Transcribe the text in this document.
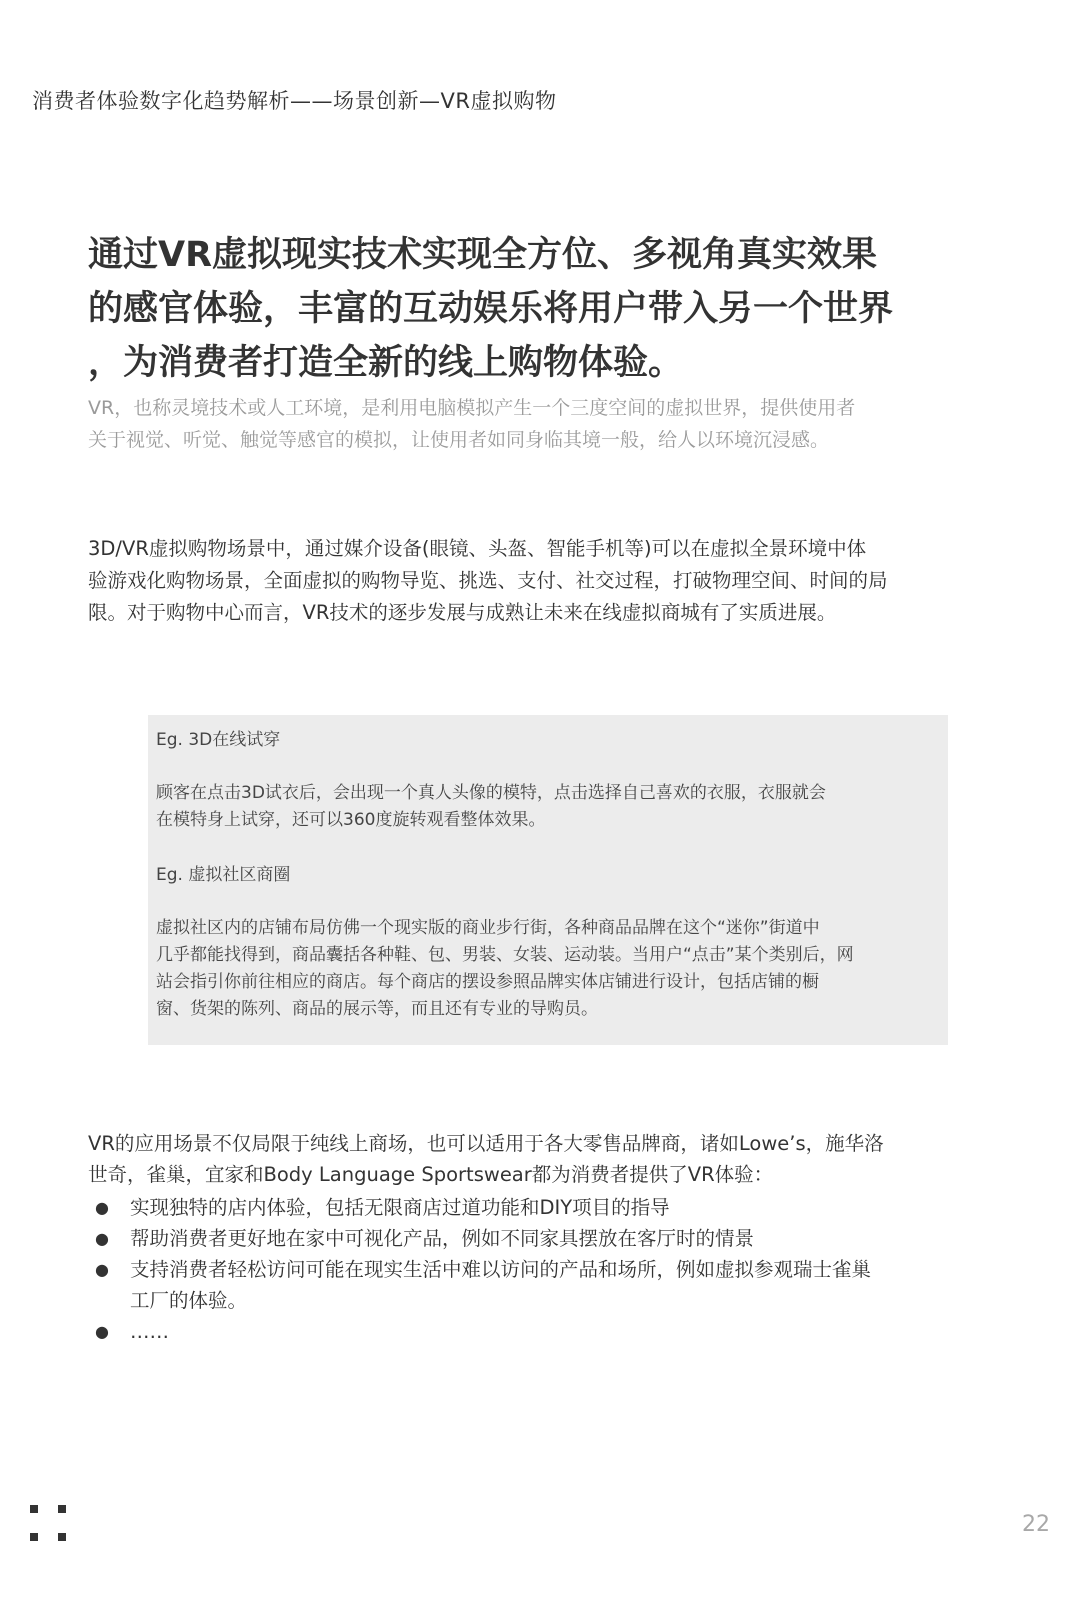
消费者体验数字化趋势解析——场景创新—VR虚拟购物

通过VR虚拟现实技术实现全方位、多视角真实效果
的感官体验，丰富的互动娱乐将用户带入另一个世界
，为消费者打造全新的线上购物体验。
VR，也称灵境技术或人工环境，是利用电脑模拟产生一个三度空间的虚拟世界，提供使用者
关于视觉、听觉、触觉等感官的模拟，让使用者如同身临其境一般，给人以环境沉浸感。
3D/VR虚拟购物场景中，通过媒介设备(眼镜、头盔、智能手机等)可以在虚拟全景环境中体
验游戏化购物场景，全面虚拟的购物导览、挑选、支付、社交过程，打破物理空间、时间的局
限。对于购物中心而言，VR技术的逐步发展与成熟让未来在线虚拟商城有了实质进展。
Eg. 3D在线试穿
顾客在点击3D试衣后，会出现一个真人头像的模特，点击选择自己喜欢的衣服，衣服就会
在模特身上试穿，还可以360度旋转观看整体效果。
Eg. 虚拟社区商圈
虚拟社区内的店铺布局仿佛一个现实版的商业步行街，各种商品品牌在这个“迷你”街道中
几乎都能找得到，商品囊括各种鞋、包、男装、女装、运动装。当用户“点击”某个类别后，网
站会指引你前往相应的商店。每个商店的摆设参照品牌实体店铺进行设计，包括店铺的橱
窗、货架的陈列、商品的展示等，而且还有专业的导购员。
VR的应用场景不仅局限于纯线上商场，也可以适用于各大零售品牌商，诸如Lowe’s，施华洛
世奇，雀巢，宜家和Body Language Sportswear都为消费者提供了VR体验：
● 实现独特的店内体验，包括无限商店过道功能和DIY项目的指导
● 帮助消费者更好地在家中可视化产品，例如不同家具摆放在客厅时的情景
● 支持消费者轻松访问可能在现实生活中难以访问的产品和场所，例如虚拟参观瑞士雀巢
工厂的体验。
● ……
22
